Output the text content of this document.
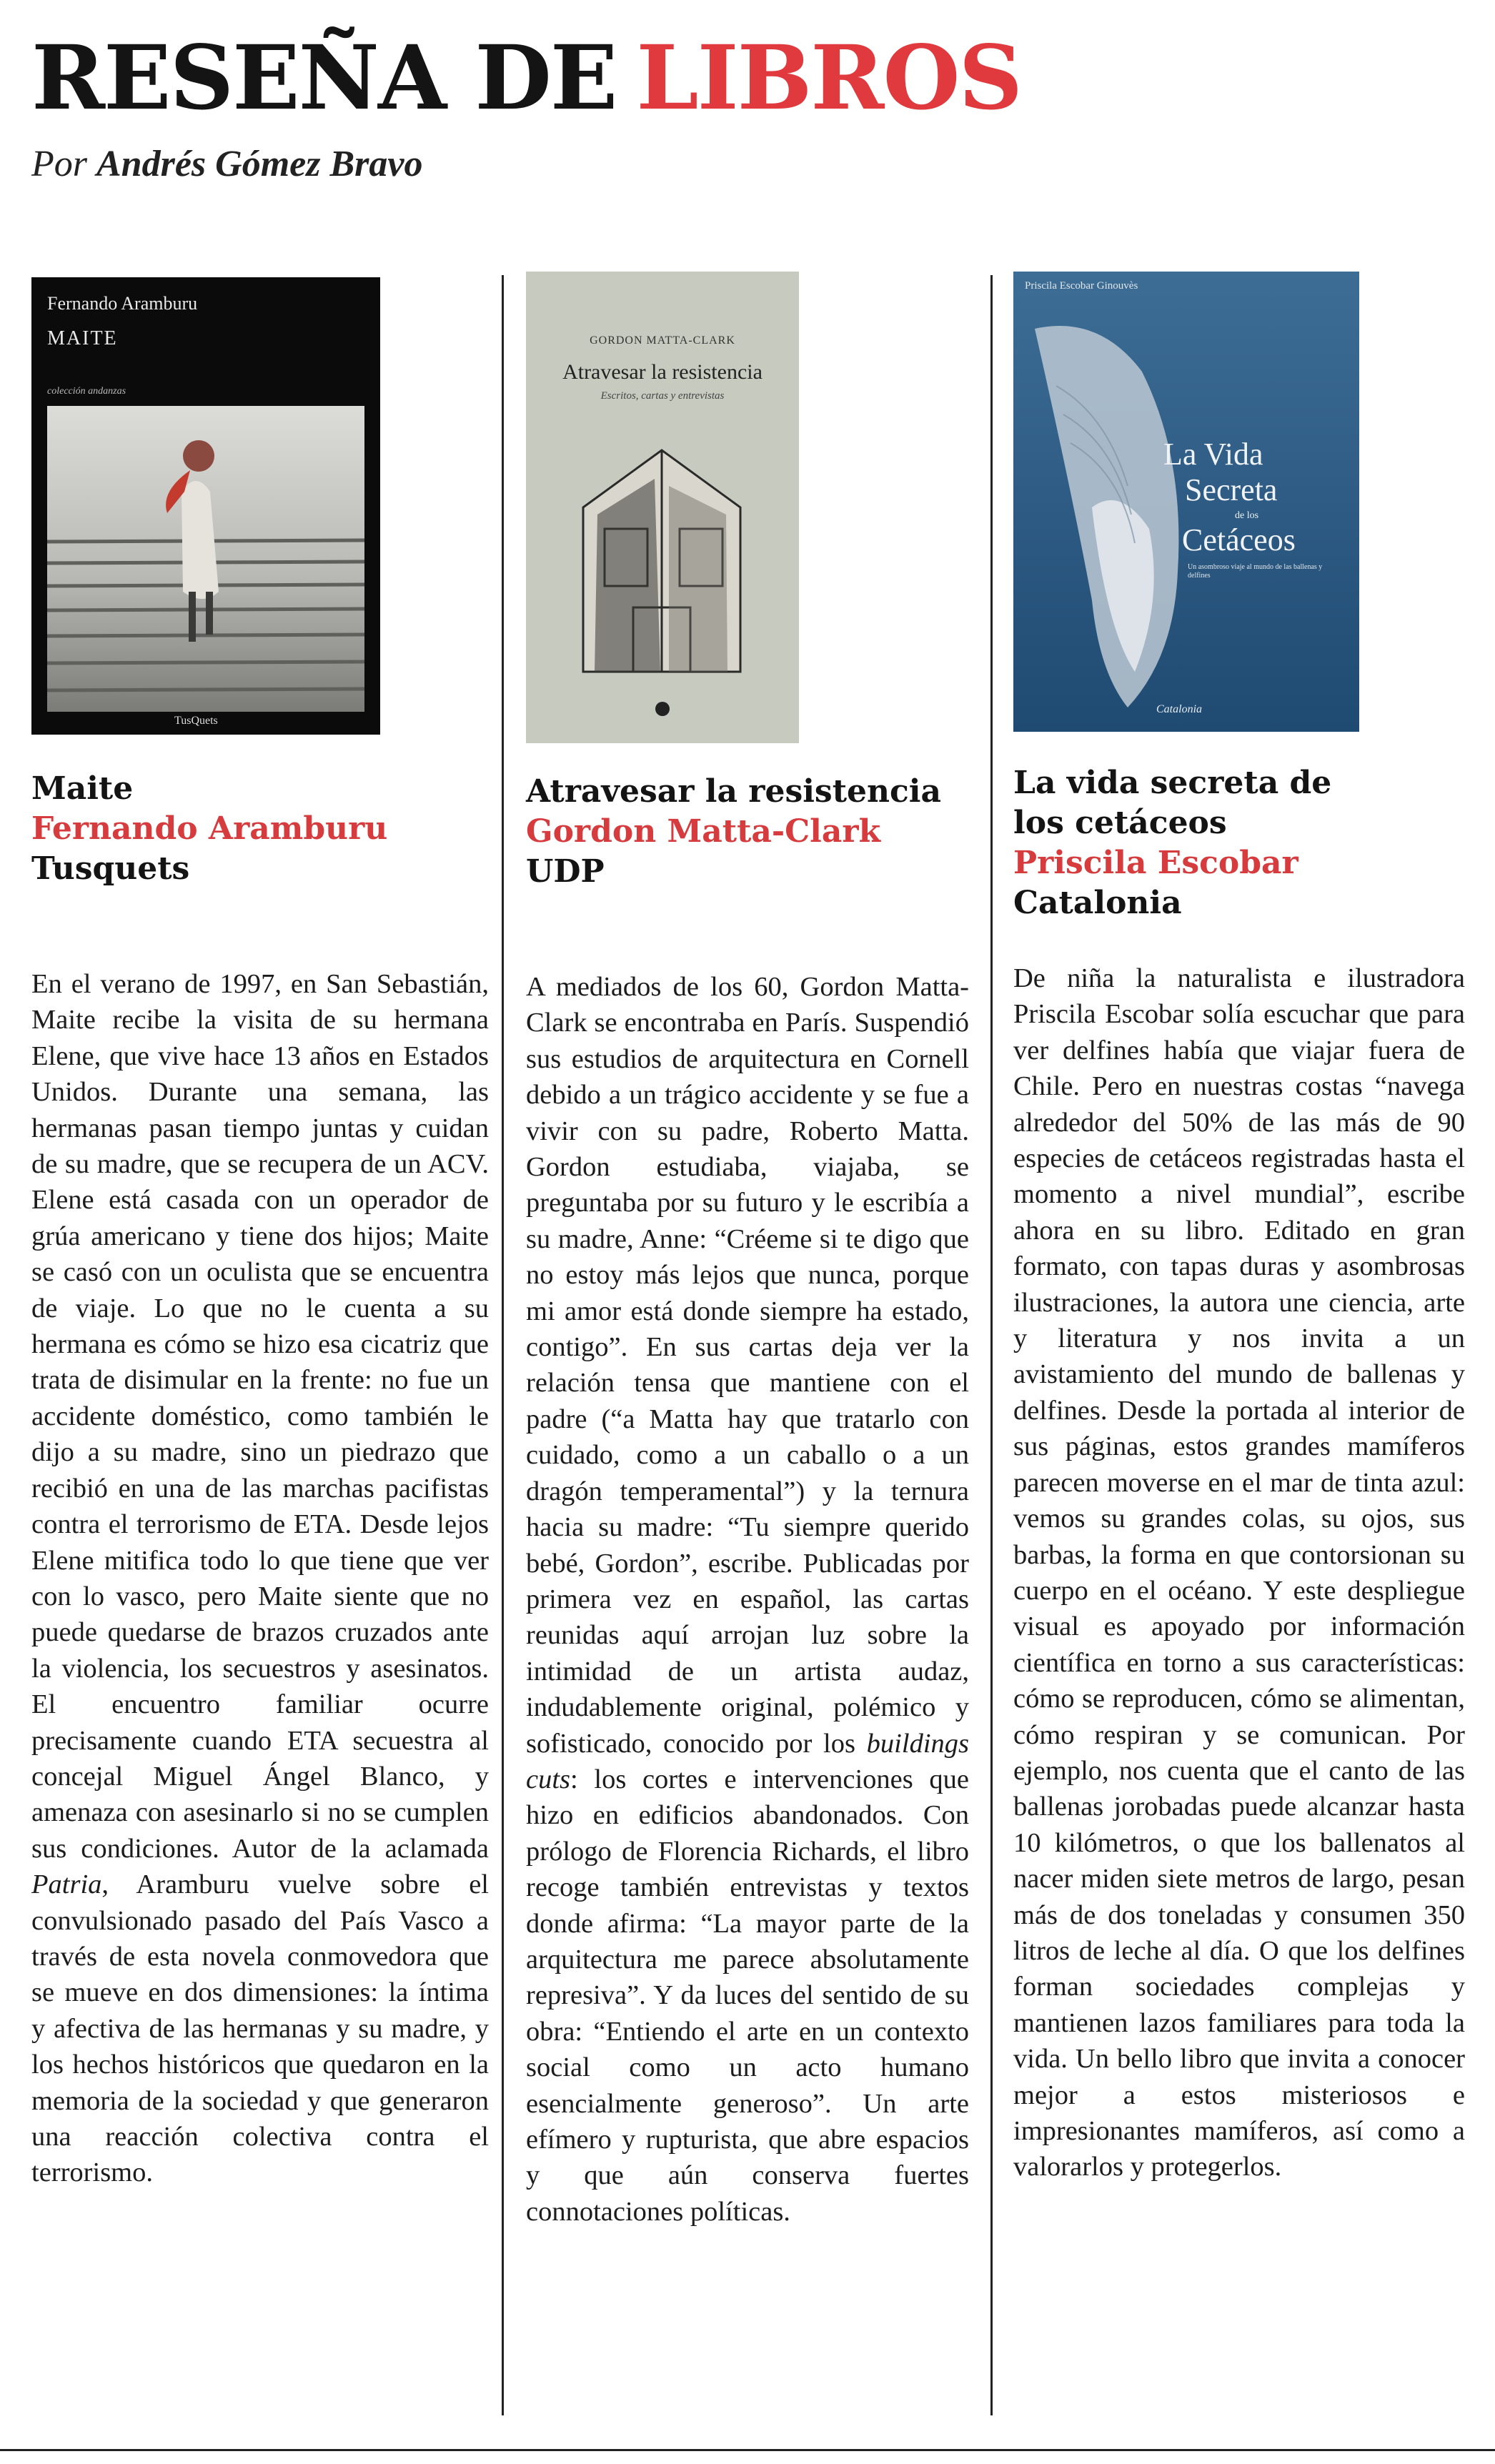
RESEÑA DE LIBROS
Por Andrés Gómez Bravo
Fernando Aramburu
MAITE
colección andanzas
TusQuets
Maite
Fernando Aramburu
Tusquets

En el verano de 1997, en San Sebastián, Maite recibe la visita de su hermana Elene, que vive hace 13 años en Estados Unidos. Durante una semana, las hermanas pasan tiempo juntas y cuidan de su madre, que se recupera de un ACV. Elene está casada con un operador de grúa americano y tiene dos hijos; Maite se casó con un oculista que se encuentra de viaje. Lo que no le cuenta a su hermana es cómo se hizo esa cicatriz que trata de disimular en la frente: no fue un accidente doméstico, como también le dijo a su madre, sino un piedrazo que recibió en una de las marchas pacifistas contra el terrorismo de ETA. Desde lejos Elene mitifica todo lo que tiene que ver con lo vasco, pero Maite siente que no puede quedarse de brazos cruzados ante la violencia, los secuestros y asesinatos. El encuentro familiar ocurre precisamente cuando ETA secuestra al concejal Miguel Ángel Blanco, y amenaza con asesinarlo si no se cumplen sus condiciones. Autor de la aclamada Patria, Aramburu vuelve sobre el convulsionado pasado del País Vasco a través de esta novela conmovedora que se mueve en dos dimensiones: la íntima y afectiva de las hermanas y su madre, y los hechos históricos que quedaron en la memoria de la sociedad y que generaron una reacción colectiva contra el terrorismo.

GORDON MATTA-CLARK
Atravesar la resistencia
Escritos, cartas y entrevistas
Atravesar la resistencia
Gordon Matta-Clark
UDP

A mediados de los 60, Gordon Matta-Clark se encontraba en París. Suspendió sus estudios de arquitectura en Cornell debido a un trágico accidente y se fue a vivir con su padre, Roberto Matta. Gordon estudiaba, viajaba, se preguntaba por su futuro y le escribía a su madre, Anne: “Créeme si te digo que no estoy más lejos que nunca, porque mi amor está donde siempre ha estado, contigo”. En sus cartas deja ver la relación tensa que mantiene con el padre (“a Matta hay que tratarlo con cuidado, como a un caballo o a un dragón temperamental”) y la ternura hacia su madre: “Tu siempre querido bebé, Gordon”, escribe. Publicadas por primera vez en español, las cartas reunidas aquí arrojan luz sobre la intimidad de un artista audaz, indudablemente original, polémico y sofisticado, conocido por los buildings cuts: los cortes e intervenciones que hizo en edificios abandonados. Con prólogo de Florencia Richards, el libro recoge también entrevistas y textos donde afirma: “La mayor parte de la arquitectura me parece absolutamente represiva”. Y da luces del sentido de su obra: “Entiendo el arte en un contexto social como un acto humano esencialmente generoso”. Un arte efímero y rupturista, que abre espacios y que aún conserva fuertes connotaciones políticas.

Priscila Escobar Ginouvès
La Vida
Secreta
de los
Cetáceos
Un asombroso viaje al mundo de las ballenas y delfines
Catalonia
La vida secreta de los cetáceos
Priscila Escobar
Catalonia

De niña la naturalista e ilustradora Priscila Escobar solía escuchar que para ver delfines había que viajar fuera de Chile. Pero en nuestras costas “navega alrededor del 50% de las más de 90 especies de cetáceos registradas hasta el momento a nivel mundial”, escribe ahora en su libro. Editado en gran formato, con tapas duras y asombrosas ilustraciones, la autora une ciencia, arte y literatura y nos invita a un avistamiento del mundo de ballenas y delfines. Desde la portada al interior de sus páginas, estos grandes mamíferos parecen moverse en el mar de tinta azul: vemos su grandes colas, su ojos, sus barbas, la forma en que contorsionan su cuerpo en el océano. Y este despliegue visual es apoyado por información científica en torno a sus características: cómo se reproducen, cómo se alimentan, cómo respiran y se comunican. Por ejemplo, nos cuenta que el canto de las ballenas jorobadas puede alcanzar hasta 10 kilómetros, o que los ballenatos al nacer miden siete metros de largo, pesan más de dos toneladas y consumen 350 litros de leche al día. O que los delfines forman sociedades complejas y mantienen lazos familiares para toda la vida. Un bello libro que invita a conocer mejor a estos misteriosos e impresionantes mamíferos, así como a valorarlos y protegerlos.
